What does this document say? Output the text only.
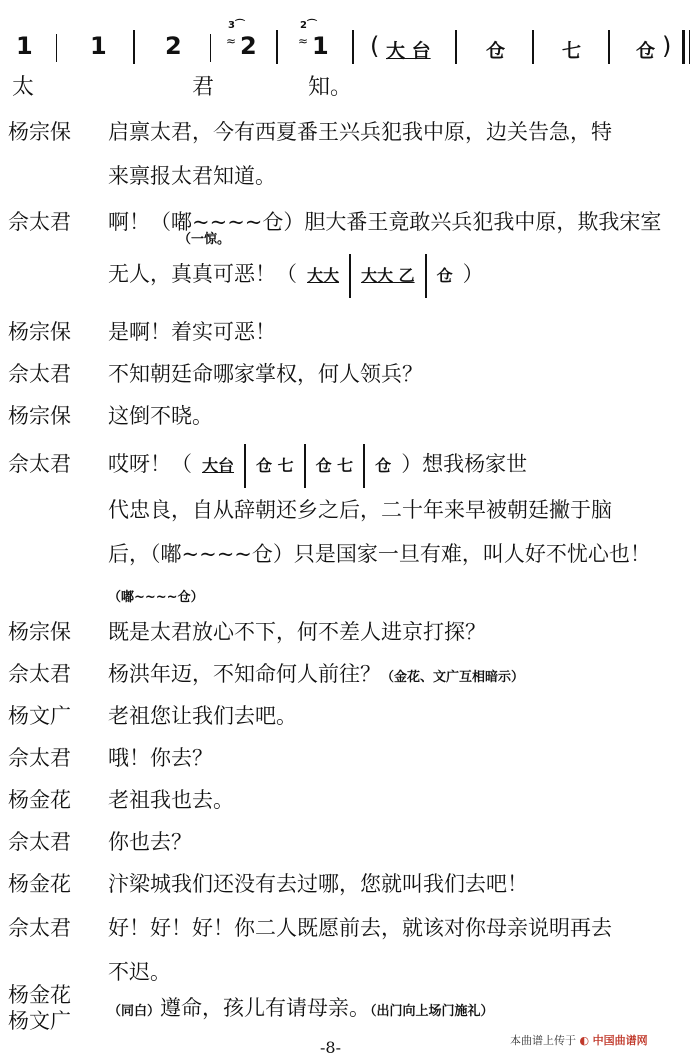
1 1 2
3⌒
≈ 2
2⌒
≈ 1 ( 大 台	仓	七	仓 )
太	君	知。
杨宗保 启禀太君，今有西夏番王兴兵犯我中原，边关告急，特
来禀报太君知道。
佘太君 啊！（嘟~~~~仓）胆大番王竟敢兴兵犯我中原，欺我宋室
（一惊。
无人，真真可恶！（ 大大 大大 乙 仓 ）
杨宗保 是啊！着实可恶！
佘太君 不知朝廷命哪家掌权，何人领兵？
杨宗保 这倒不晓。
佘太君 哎呀！（ 大台 仓 七 仓 七 仓 ）想我杨家世
代忠良，自从辞朝还乡之后，二十年来早被朝廷撇于脑
后，（嘟~~~~仓）只是国家一旦有难，叫人好不忧心也！
（嘟~~~~仓）
杨宗保 既是太君放心不下，何不差人进京打探？
佘太君 杨洪年迈，不知命何人前往？（金花、文广互相暗示）
杨文广 老祖您让我们去吧。
佘太君 哦！你去？
杨金花 老祖我也去。
佘太君 你也去？
杨金花 汴梁城我们还没有去过哪，您就叫我们去吧！
佘太君 好！好！好！你二人既愿前去，就该对你母亲说明再去
不迟。
杨金花
杨文广	（同白）遵命，孩儿有请母亲。（出门向上场门施礼）
-8-	本曲谱上传于 ◐ 中国曲谱网
